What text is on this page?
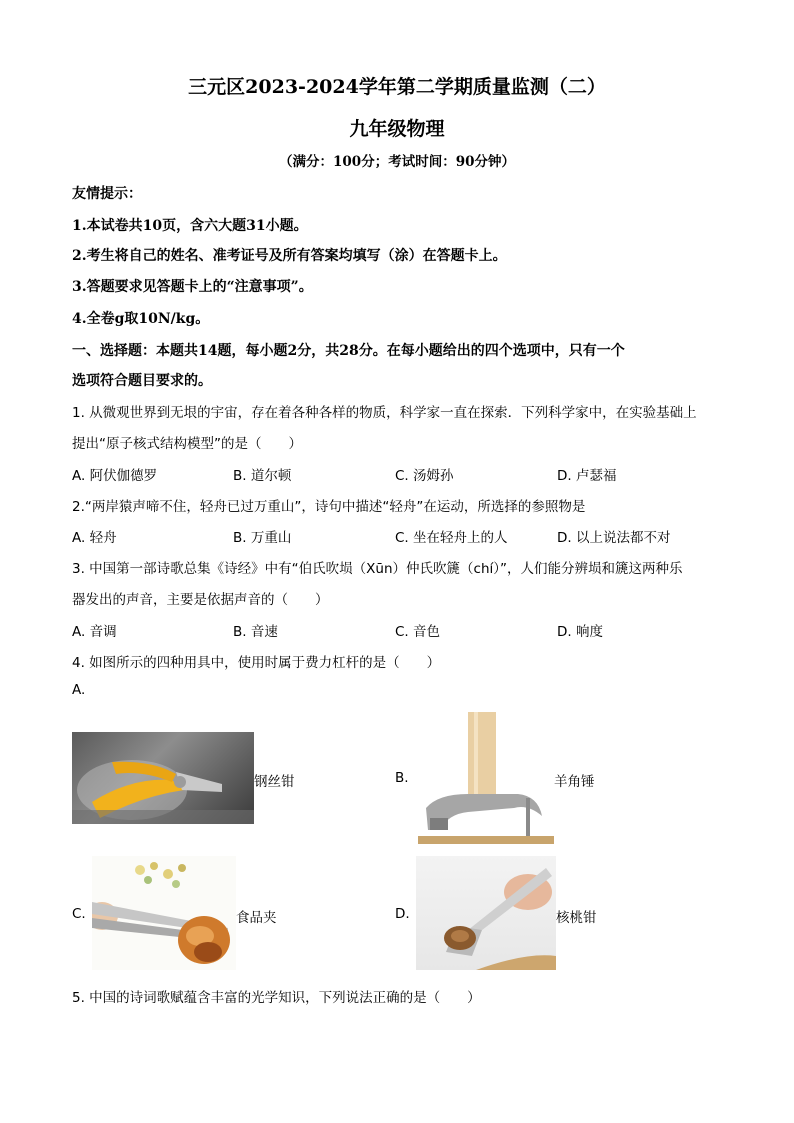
三元区2023-2024学年第二学期质量监测（二）
九年级物理
（满分：100分；考试时间：90分钟）
友情提示：
1.本试卷共10页，含六大题31小题。
2.考生将自己的姓名、准考证号及所有答案均填写（涂）在答题卡上。
3.答题要求见答题卡上的“注意事项”。
4.全卷g取10N/kg。
一、选择题：本题共14题，每小题2分，共28分。在每小题给出的四个选项中，只有一个
选项符合题目要求的。
1. 从微观世界到无垠的宇宙，存在着各种各样的物质，科学家一直在探索．下列科学家中，在实验基础上
提出“原子核式结构模型”的是（　　）
A. 阿伏伽德罗	B. 道尔顿	C. 汤姆孙	D. 卢瑟福
2.“两岸猿声啼不住，轻舟已过万重山”，诗句中描述“轻舟”在运动，所选择的参照物是
A. 轻舟	B. 万重山	C. 坐在轻舟上的人	D. 以上说法都不对
3. 中国第一部诗歌总集《诗经》中有“伯氏吹埙（Xūn）仲氏吹篪（chí）”，人们能分辨埙和篪这两种乐
器发出的声音，主要是依据声音的（　　）
A. 音调	B. 音速	C. 音色	D. 响度
4. 如图所示的四种用具中，使用时属于费力杠杆的是（　　）
A.
钢丝钳	B.	羊角锤
C.	食品夹	D.	核桃钳
5. 中国的诗词歌赋蕴含丰富的光学知识，下列说法正确的是（　　）
